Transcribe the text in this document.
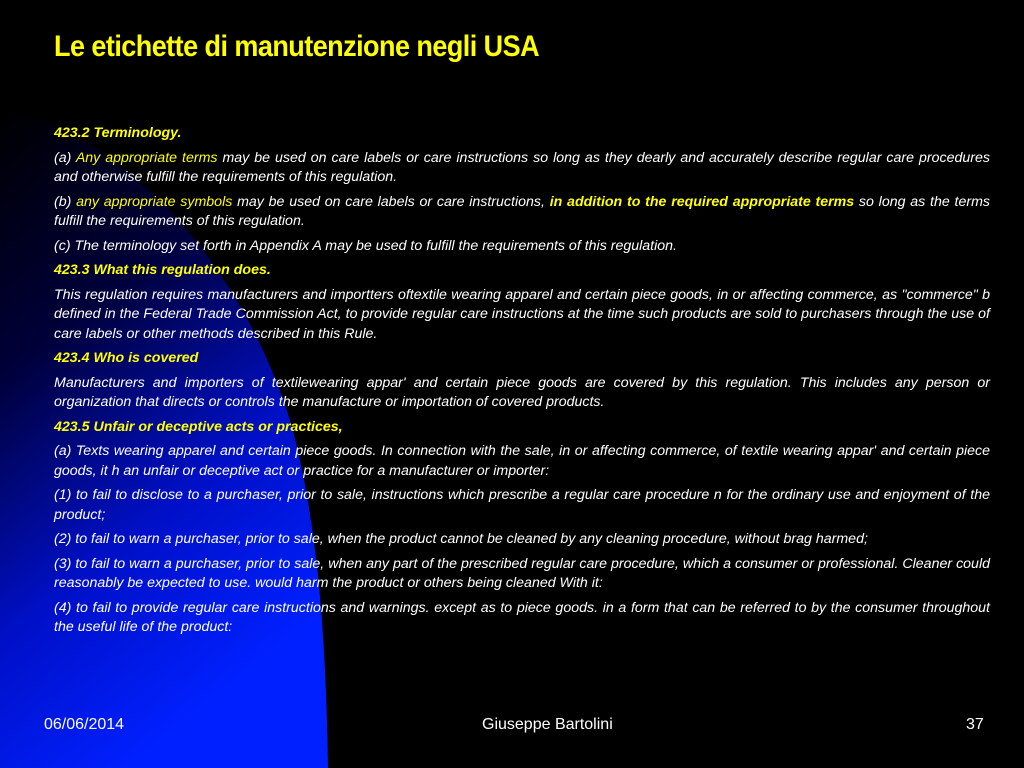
Le etichette di manutenzione negli USA

423.2 Terminology.

(a) Any appropriate terms may be used on care labels or care instructions so long as they dearly and accurately describe regular care procedures and otherwise fulfill the requirements of this regulation.

(b) any appropriate symbols may be used on care labels or care instructions, in addition to the required appropriate terms so long as the terms fulfill the requirements of this regulation.

(c) The terminology set forth in Appendix A may be used to fulfill the requirements of this regulation.

423.3 What this regulation does.

This regulation requires manufacturers and importters oftextile wearing apparel and certain piece goods, in or affecting commerce, as "commerce" b defined in the Federal Trade Commission Act, to provide regular care instructions at the time such products are sold to purchasers through the use of care labels or other methods described in this Rule.

423.4 Who is covered

Manufacturers and importers of textilewearing appar' and certain piece goods are covered by this regulation. This includes any person or organization that directs or controls the manufacture or importation of covered products.

423.5 Unfair or deceptive acts or practices,

(a) Texts wearing apparel and certain piece goods. In connection with the sale, in or affecting commerce, of textile wearing appar' and certain piece goods, it h an unfair or deceptive act or practice for a manufacturer or importer:

(1) to fail to disclose to a purchaser, prior to sale, instructions which prescribe a regular care procedure n for the ordinary use and enjoyment of the product;

(2) to fail to warn a purchaser, prior to sale, when the product cannot be cleaned by any cleaning procedure, without brag harmed;

(3) to fail to warn a purchaser, prior to sale, when any part of the prescribed regular care procedure, which a consumer or professional. Cleaner could reasonably be expected to use. would harm the product or others being cleaned With it:

(4) to fail to provide regular care instructions and warnings. except as to piece goods. in a form that can be referred to by the consumer throughout the useful life of the product:

06/06/2014	Giuseppe Bartolini	37
